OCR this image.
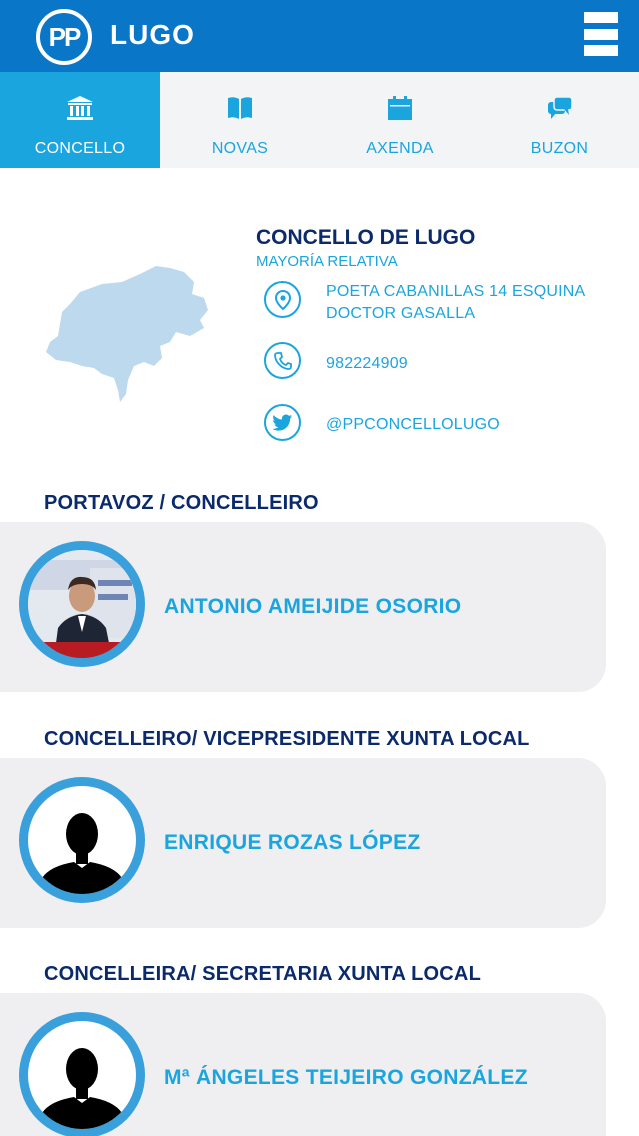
PP	LUGO
CONCELLO	NOVAS	AXENDA	BUZON
CONCELLO DE LUGO
MAYORÍA RELATIVA
POETA CABANILLAS 14 ESQUINA
DOCTOR GASALLA
982224909
@PPCONCELLOLUGO
PORTAVOZ / CONCELLEIRO
ANTONIO AMEIJIDE OSORIO
CONCELLEIRO/ VICEPRESIDENTE XUNTA LOCAL
ENRIQUE ROZAS LÓPEZ
CONCELLEIRA/ SECRETARIA XUNTA LOCAL
Mª ÁNGELES TEIJEIRO GONZÁLEZ
